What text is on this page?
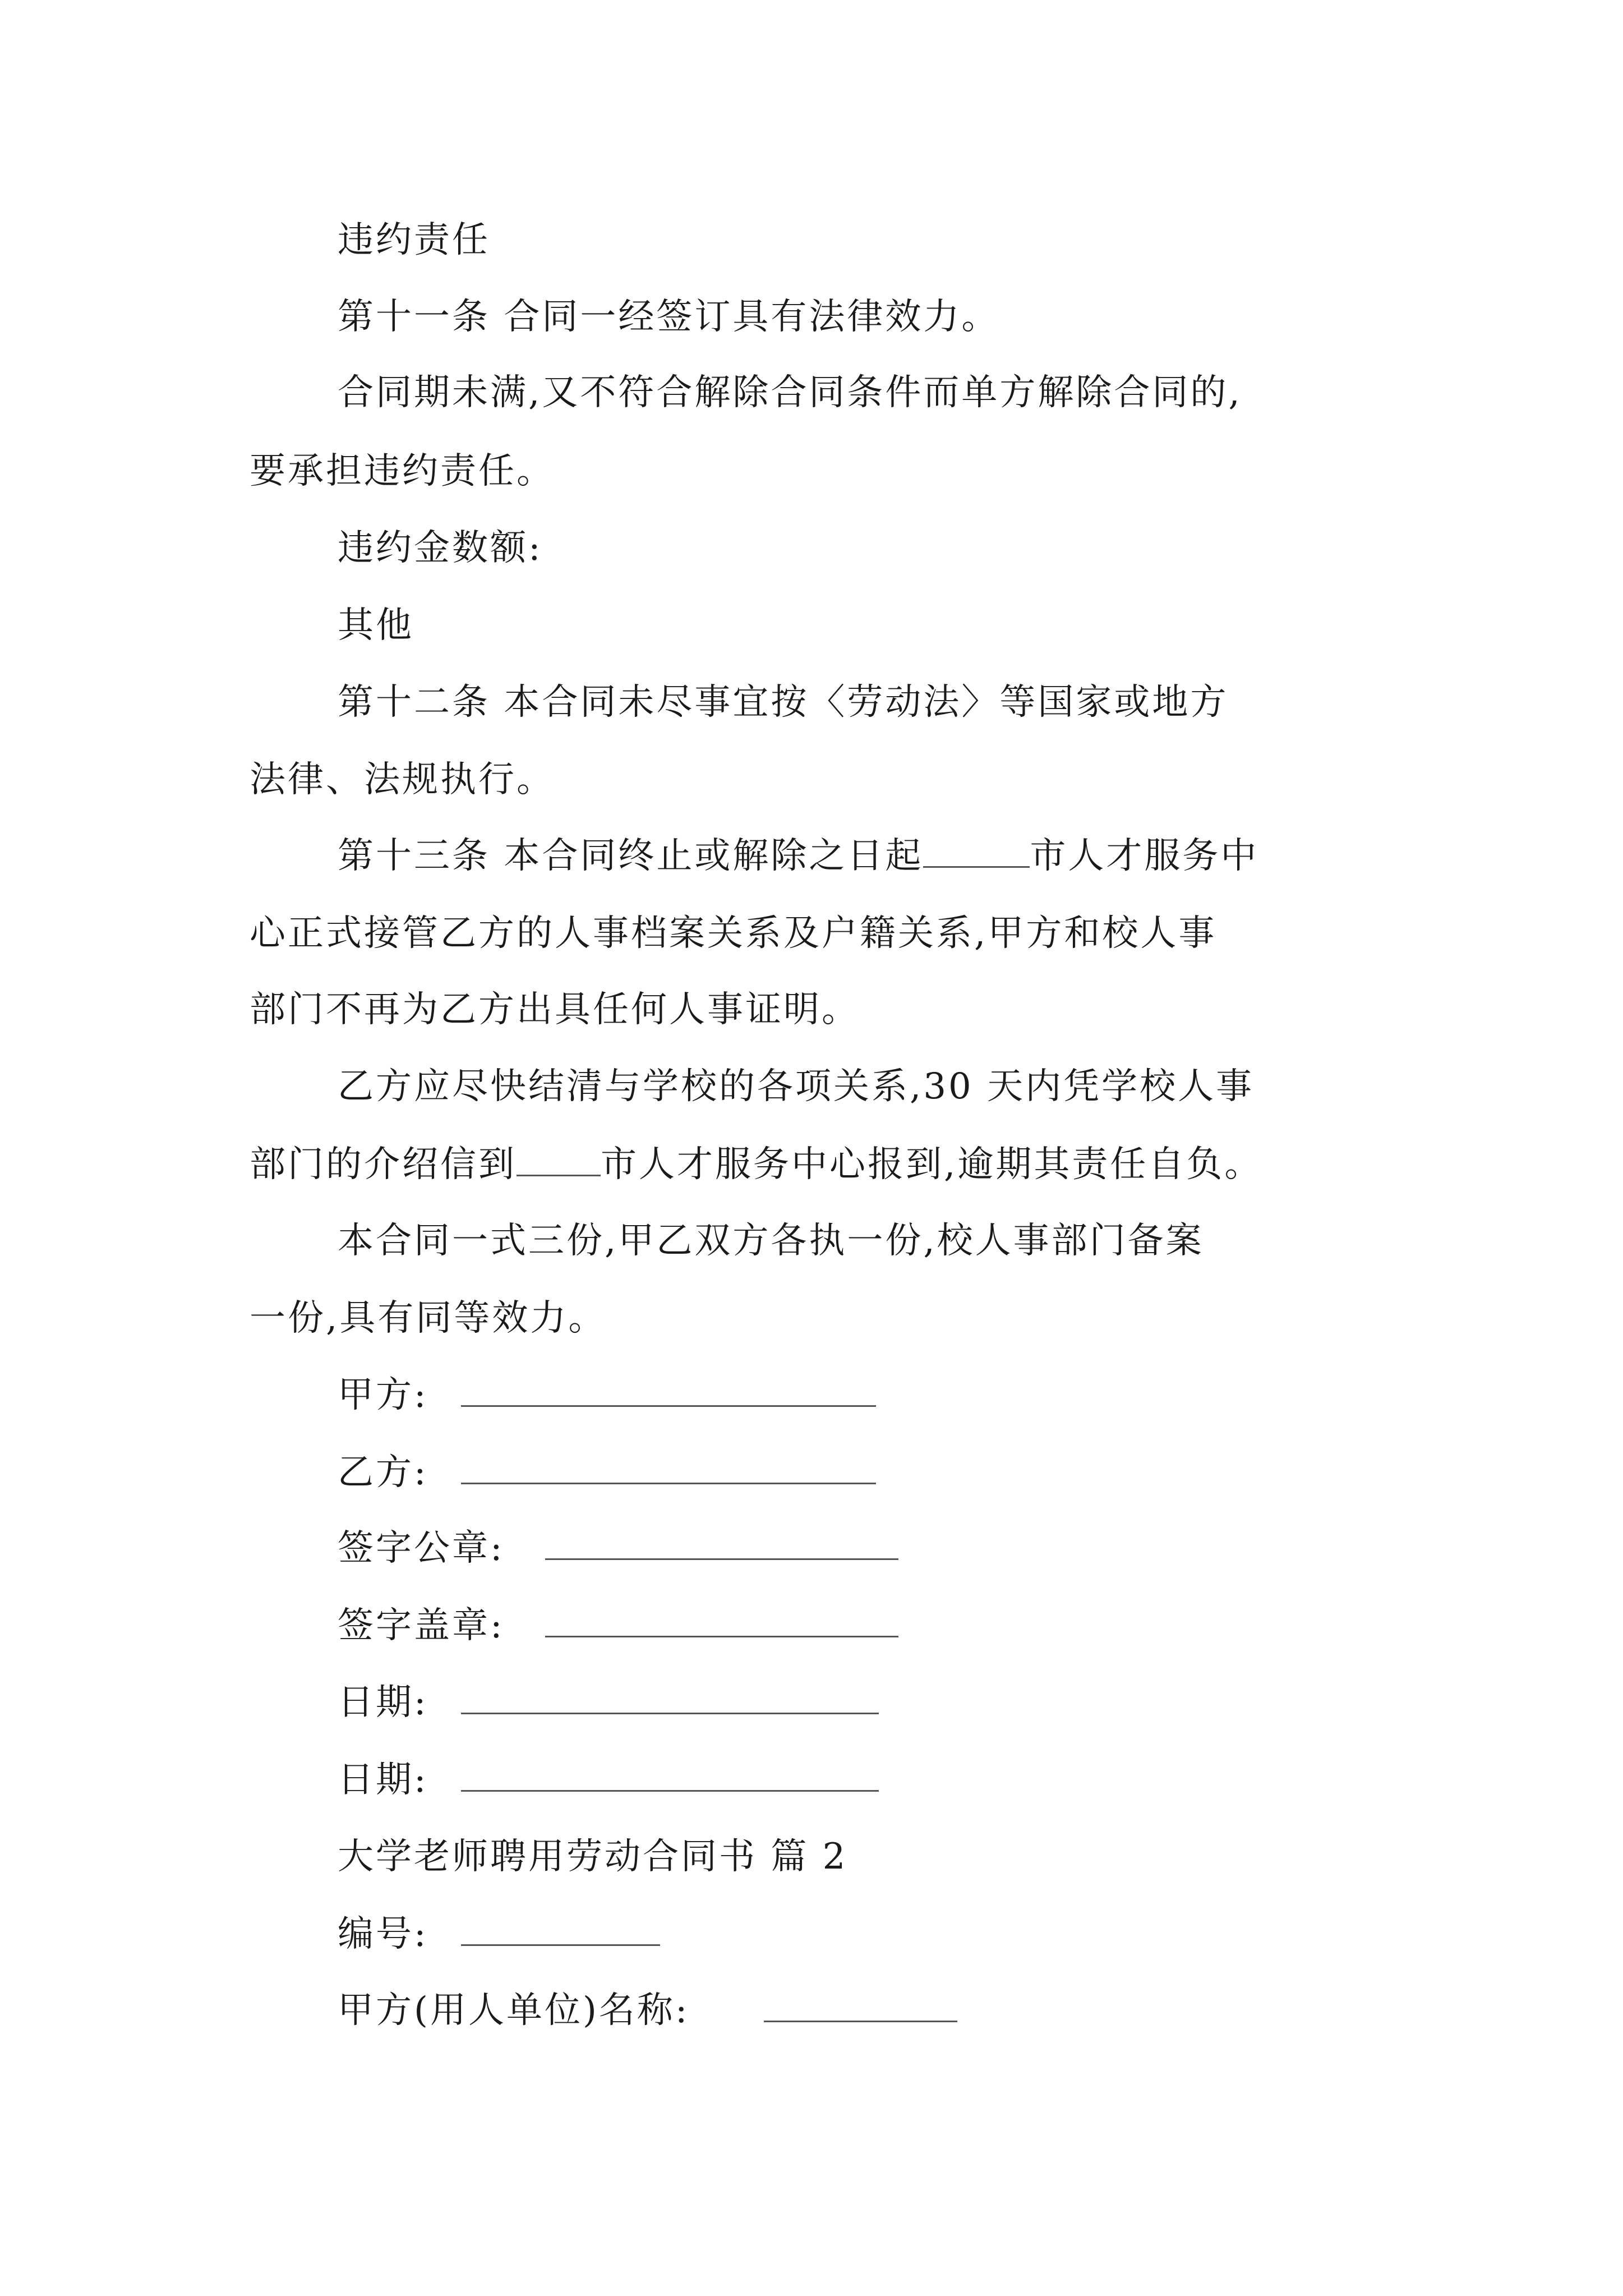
违约责任
第十一条 合同一经签订具有法律效力。
合同期未满,又不符合解除合同条件而单方解除合同的,
要承担违约责任。
违约金数额:
其他
第十二条 本合同未尽事宜按〈劳动法〉等国家或地方
法律、法规执行。
第十三条 本合同终止或解除之日起	市人才服务中
心正式接管乙方的人事档案关系及户籍关系,甲方和校人事
部门不再为乙方出具任何人事证明。
乙方应尽快结清与学校的各项关系,30 天内凭学校人事
部门的介绍信到 市人才服务中心报到,逾期其责任自负。
本合同一式三份,甲乙双方各执一份,校人事部门备案
一份,具有同等效力。
甲方:
乙方:
签字公章:
签字盖章:
日期:
日期:
大学老师聘用劳动合同书 篇 2
编号:
甲方(用人单位)名称:
